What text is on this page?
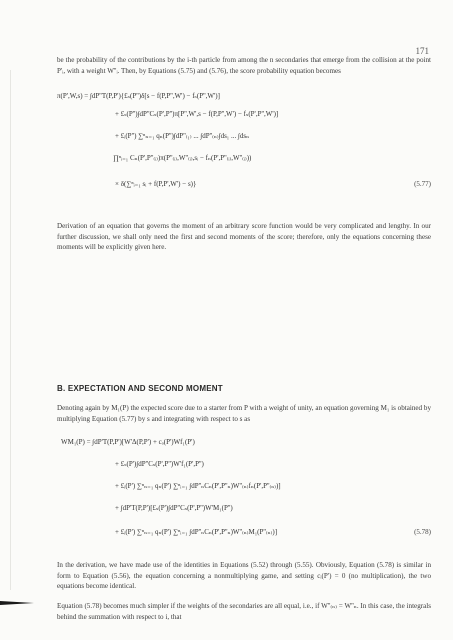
171
be the probability of the contributions by the i-th particle from among the n secondaries that emerge from the collision at the point P'ᵢ, with a weight W''ᵢ. Then, by Equations (5.75) and (5.76), the score probability equation becomes
π(P',W,s) = ∫dP''T(P,P'){£ₛ(P'')δ[s − f(P,P'',W') − fₛ(P'',W')]
+ £ₛ(P'')∫dP''Cₛ(P',P'')π[P'',W',s − f(P,P'',W') − fₛ(P',P'',W')]
+ £ᵢ(P'') ∑ⁿₙ₌₁ qₙ(P'')∫dP''₍₁₎ ... ∫dP''₍ₙ₎∫ds₁ ... ∫dsₙ
∏ⁿᵢ₌₁ Cₙ(P',P''₍ᵢ₎)π(P''₍ᵢ₎,W''₍ᵢ₎,sᵢ − fₙ(P',P''₍ᵢ₎,W''₍ᵢ₎))
× δ(∑ⁿᵢ₌₁ sᵢ + f(P,P',W') − s)}	(5.77)
Derivation of an equation that governs the moment of an arbitrary score function would be very complicated and lengthy. In our further discussion, we shall only need the first and second moments of the score; therefore, only the equations concerning these moments will be explicitly given here.
B. EXPECTATION AND SECOND MOMENT
Denoting again by M₁(P) the expected score due to a starter from P with a weight of unity, an equation governing M₁ is obtained by multiplying Equation (5.77) by s and integrating with respect to s as
WM₁(P) = ∫dP'T(P,P')[W'Δ(P,P') + cₒ(P')Wf₁(P')
+ £ₛ(P')∫dP''Cₛ(P',P'')W'f₁(P',P'')
+ £ᵢ(P') ∑ⁿₙ₌₁ qₙ(P') ∑ⁿᵢ₌₁ ∫dP''ₙCₙ(P',P''ₙ)W''₍ₙ₎fₙ(P',P''₍ₙ₎)]
+ ∫dP'T(P,P')[£ₛ(P')∫dP''Cₛ(P',P'')W'M₁(P'')
+ £ᵢ(P') ∑ⁿₙ₌₁ qₙ(P') ∑ⁿᵢ₌₁ ∫dP''ₙCₙ(P',P''ₙ)W''₍ₙ₎M₁(P''₍ₙ₎)]	(5.78)
In the derivation, we have made use of the identities in Equations (5.52) through (5.55). Obviously, Equation (5.78) is similar in form to Equation (5.56), the equation concerning a nonmultiplying game, and setting cᵢ(P') = 0 (no multiplication), the two equations become identical.
Equation (5.78) becomes much simpler if the weights of the secondaries are all equal, i.e., if W''₍ₙ₎ = W''ₙ. In this case, the integrals behind the summation with respect to i, that
